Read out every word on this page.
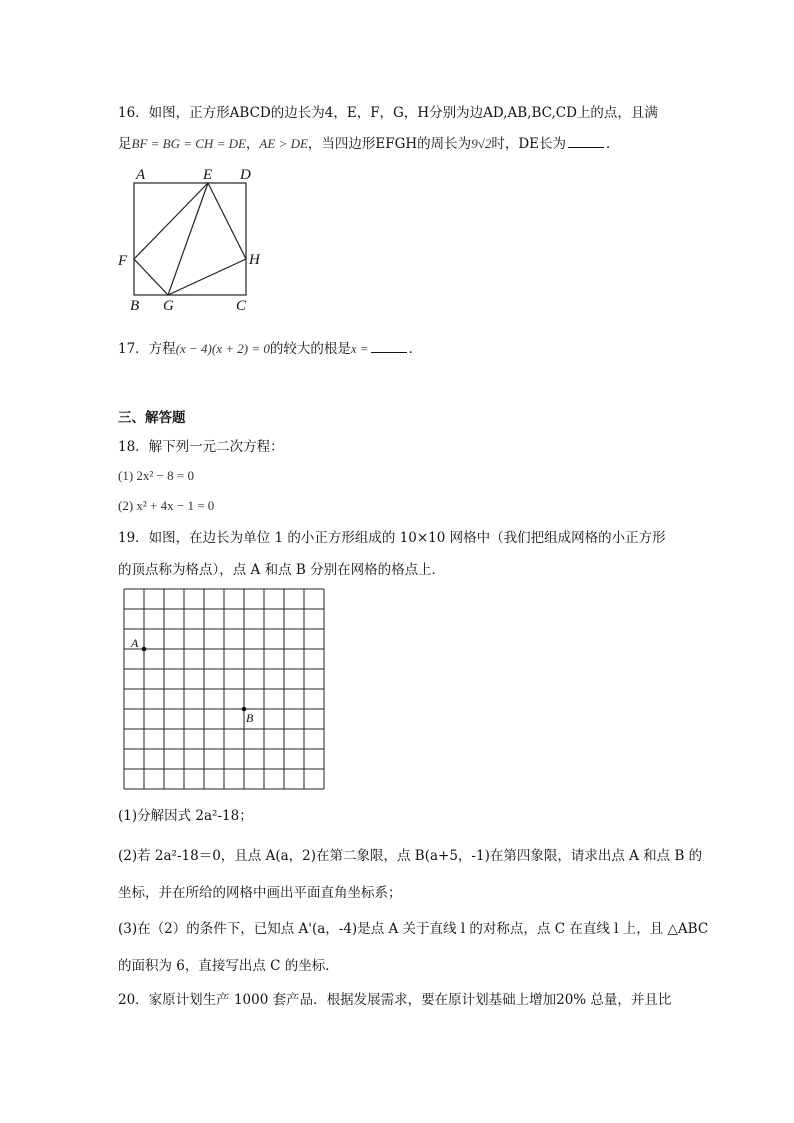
16．如图，正方形ABCD的边长为4，E，F，G，H分别为边AD,AB,BC,CD上的点，且满
足BF = BG = CH = DE，AE > DE，当四边形EFGH的周长为9√2时，DE长为	．
A	E D
F	H
B G	C
17．方程(x − 4)(x + 2) = 0的较大的根是x =	．
三、解答题
18．解下列一元二次方程：
(1) 2x² − 8 = 0
(2) x² + 4x − 1 = 0
19．如图，在边长为单位 1 的小正方形组成的 10×10 网格中（我们把组成网格的小正方形
的顶点称为格点），点 A 和点 B 分别在网格的格点上．
A
B
(1)分解因式 2a²-18；
(2)若 2a²-18＝0，且点 A(a，2)在第二象限，点 B(a+5，-1)在第四象限，请求出点 A 和点 B 的
坐标，并在所给的网格中画出平面直角坐标系；
(3)在（2）的条件下，已知点 A'(a，-4)是点 A 关于直线 l 的对称点，点 C 在直线 l 上，且 △ABC
的面积为 6，直接写出点 C 的坐标．
20．家原计划生产 1000 套产品．根据发展需求，要在原计划基础上增加20% 总量，并且比
